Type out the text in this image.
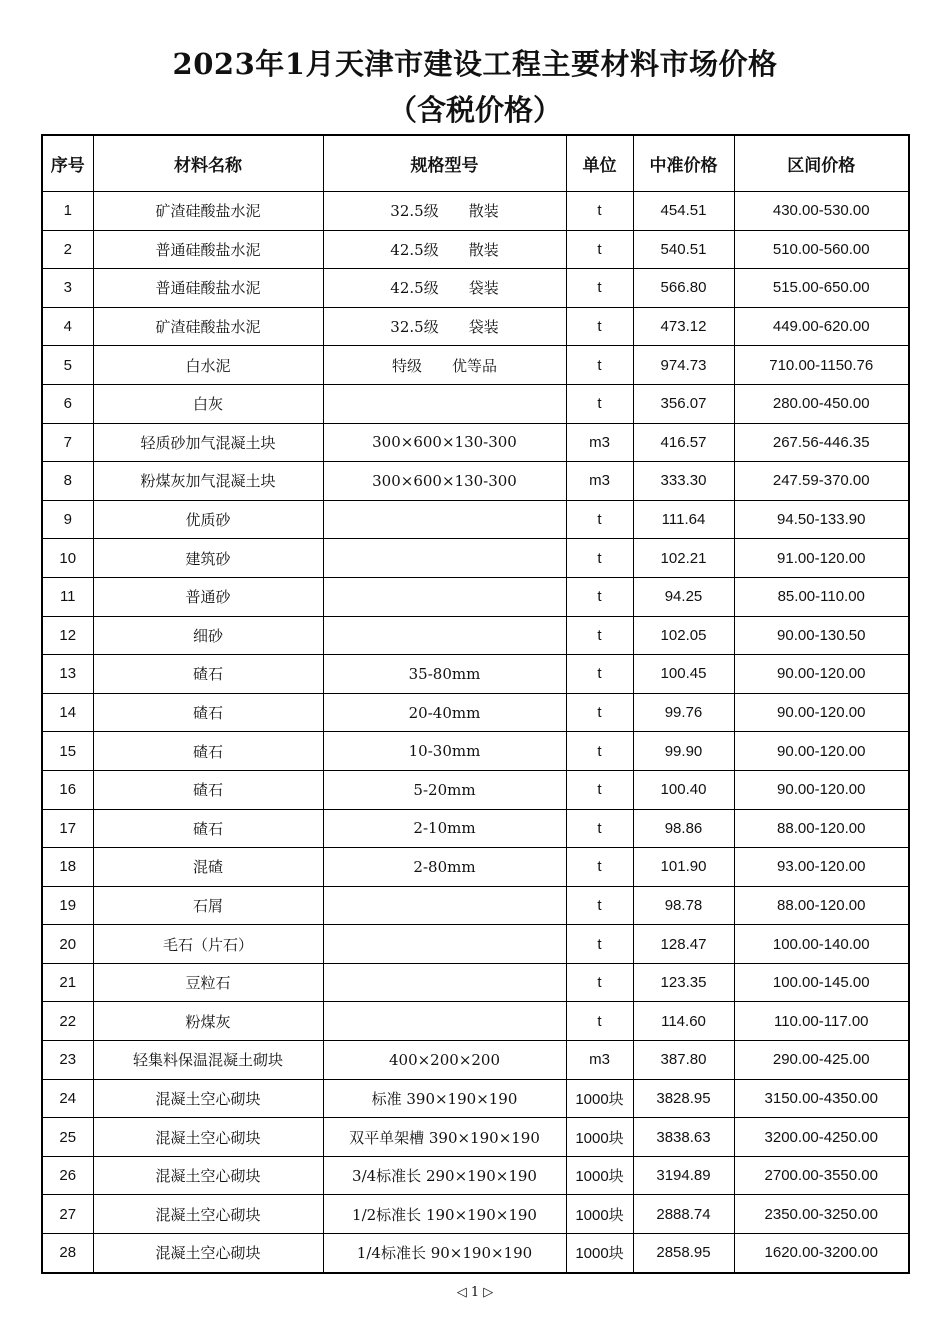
2023年1月天津市建设工程主要材料市场价格
（含税价格）
序号	材料名称	规格型号	单位	中准价格	区间价格
1	矿渣硅酸盐水泥	32.5级　　散装	t	454.51	430.00-530.00
2	普通硅酸盐水泥	42.5级　　散装	t	540.51	510.00-560.00
3	普通硅酸盐水泥	42.5级　　袋装	t	566.80	515.00-650.00
4	矿渣硅酸盐水泥	32.5级　　袋装	t	473.12	449.00-620.00
5	白水泥	特级　　优等品	t	974.73	710.00-1150.76
6	白灰		t	356.07	280.00-450.00
7	轻质砂加气混凝土块	300×600×130-300	m3	416.57	267.56-446.35
8	粉煤灰加气混凝土块	300×600×130-300	m3	333.30	247.59-370.00
9	优质砂		t	111.64	94.50-133.90
10	建筑砂		t	102.21	91.00-120.00
11	普通砂		t	94.25	85.00-110.00
12	细砂		t	102.05	90.00-130.50
13	碴石	35-80mm	t	100.45	90.00-120.00
14	碴石	20-40mm	t	99.76	90.00-120.00
15	碴石	10-30mm	t	99.90	90.00-120.00
16	碴石	5-20mm	t	100.40	90.00-120.00
17	碴石	2-10mm	t	98.86	88.00-120.00
18	混碴	2-80mm	t	101.90	93.00-120.00
19	石屑		t	98.78	88.00-120.00
20	毛石（片石）		t	128.47	100.00-140.00
21	豆粒石		t	123.35	100.00-145.00
22	粉煤灰		t	114.60	110.00-117.00
23	轻集料保温混凝土砌块	400×200×200	m3	387.80	290.00-425.00
24	混凝土空心砌块	标准 390×190×190	1000块	3828.95	3150.00-4350.00
25	混凝土空心砌块	双平单架槽 390×190×190	1000块	3838.63	3200.00-4250.00
26	混凝土空心砌块	3/4标准长 290×190×190	1000块	3194.89	2700.00-3550.00
27	混凝土空心砌块	1/2标准长 190×190×190	1000块	2888.74	2350.00-3250.00
28	混凝土空心砌块	1/4标准长 90×190×190	1000块	2858.95	1620.00-3200.00
◁ 1 ▷
